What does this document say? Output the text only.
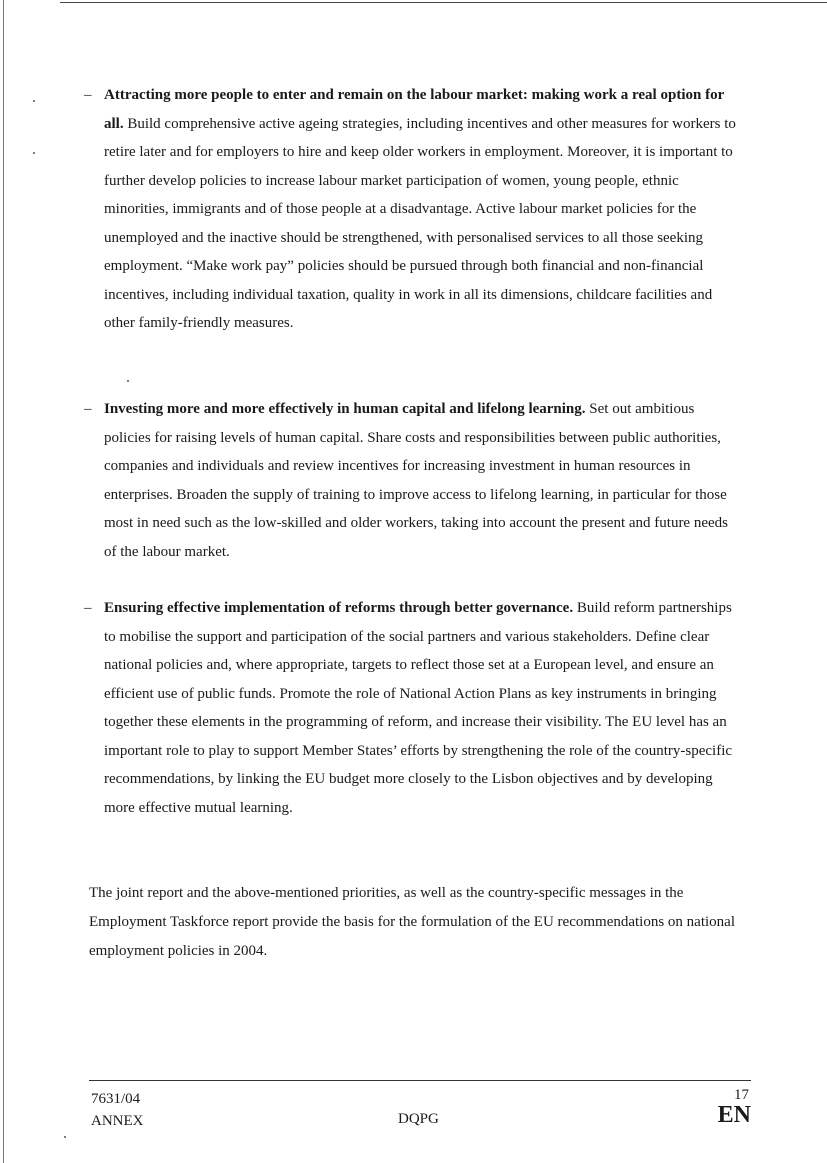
– Attracting more people to enter and remain on the labour market: making work a real option for all. Build comprehensive active ageing strategies, including incentives and other measures for workers to retire later and for employers to hire and keep older workers in employment. Moreover, it is important to further develop policies to increase labour market participation of women, young people, ethnic minorities, immigrants and of those people at a disadvantage. Active labour market policies for the unemployed and the inactive should be strengthened, with personalised services to all those seeking employment. “Make work pay” policies should be pursued through both financial and non-financial incentives, including individual taxation, quality in work in all its dimensions, childcare facilities and other family-friendly measures.
– Investing more and more effectively in human capital and lifelong learning. Set out ambitious policies for raising levels of human capital. Share costs and responsibilities between public authorities, companies and individuals and review incentives for increasing investment in human resources in enterprises. Broaden the supply of training to improve access to lifelong learning, in particular for those most in need such as the low-skilled and older workers, taking into account the present and future needs of the labour market.
– Ensuring effective implementation of reforms through better governance. Build reform partnerships to mobilise the support and participation of the social partners and various stakeholders. Define clear national policies and, where appropriate, targets to reflect those set at a European level, and ensure an efficient use of public funds. Promote the role of National Action Plans as key instruments in bringing together these elements in the programming of reform, and increase their visibility. The EU level has an important role to play to support Member States’ efforts by strengthening the role of the country-specific recommendations, by linking the EU budget more closely to the Lisbon objectives and by developing more effective mutual learning.
The joint report and the above-mentioned priorities, as well as the country-specific messages in the Employment Taskforce report provide the basis for the formulation of the EU recommendations on national employment policies in 2004.
7631/04
ANNEX	DQPG
17
EN
